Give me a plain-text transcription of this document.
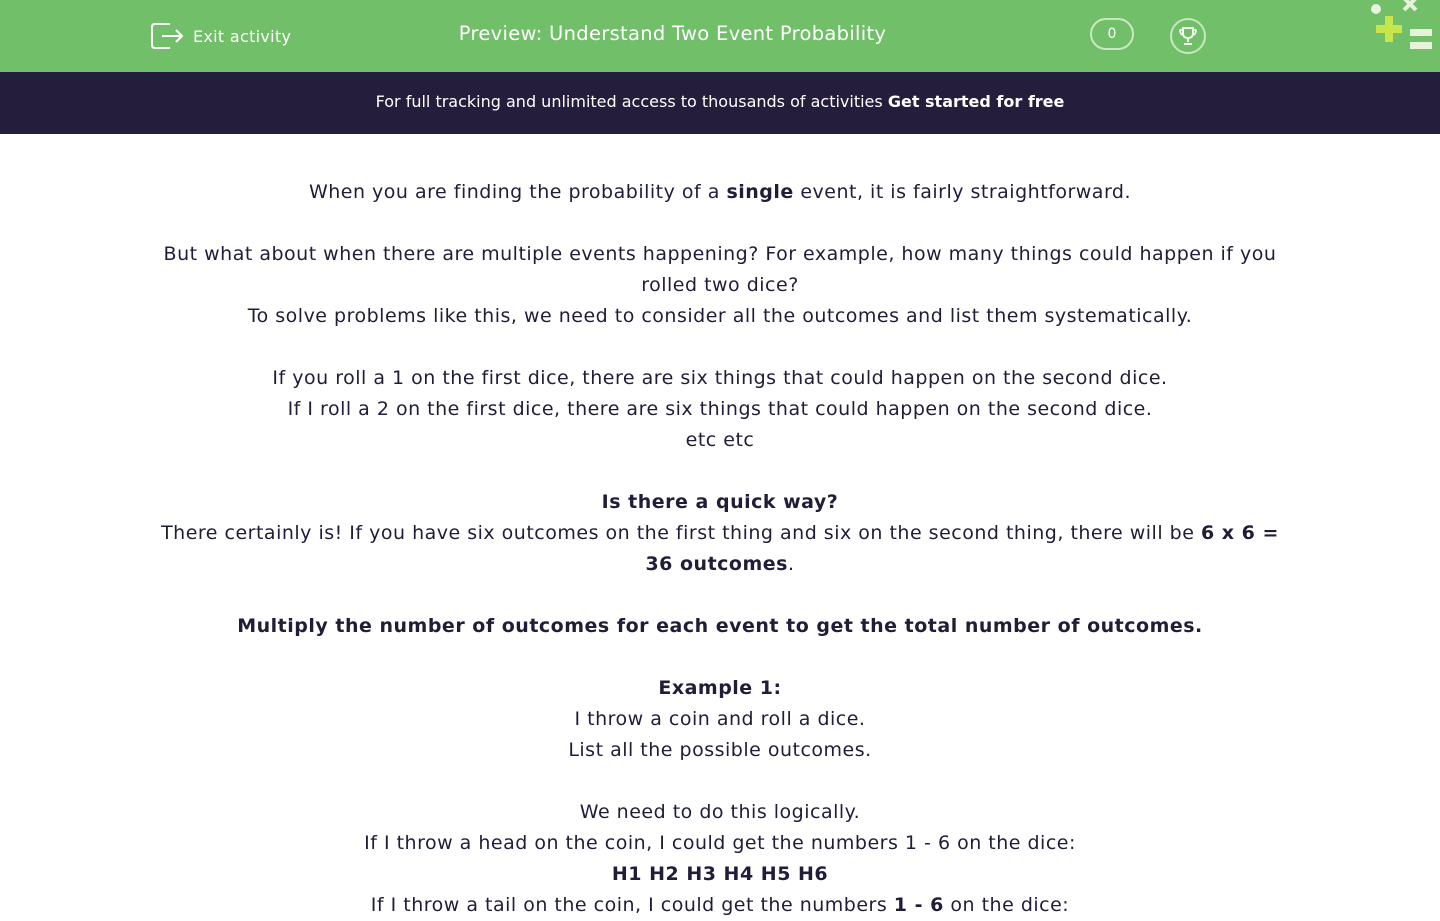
Exit activity	Preview: Understand Two Event Probability	0
For full tracking and unlimited access to thousands of activities Get started for free

When you are finding the probability of a single event, it is fairly straightforward.

But what about when there are multiple events happening? For example, how many things could happen if you rolled two dice?

To solve problems like this, we need to consider all the outcomes and list them systematically.

If you roll a 1 on the first dice, there are six things that could happen on the second dice.

If I roll a 2 on the first dice, there are six things that could happen on the second dice.

etc etc

Is there a quick way?

There certainly is! If you have six outcomes on the first thing and six on the second thing, there will be 6 x 6 = 36 outcomes.

Multiply the number of outcomes for each event to get the total number of outcomes.

Example 1:

I throw a coin and roll a dice.

List all the possible outcomes.

We need to do this logically.

If I throw a head on the coin, I could get the numbers 1 - 6 on the dice:

H1 H2 H3 H4 H5 H6

If I throw a tail on the coin, I could get the numbers 1 - 6 on the dice:
